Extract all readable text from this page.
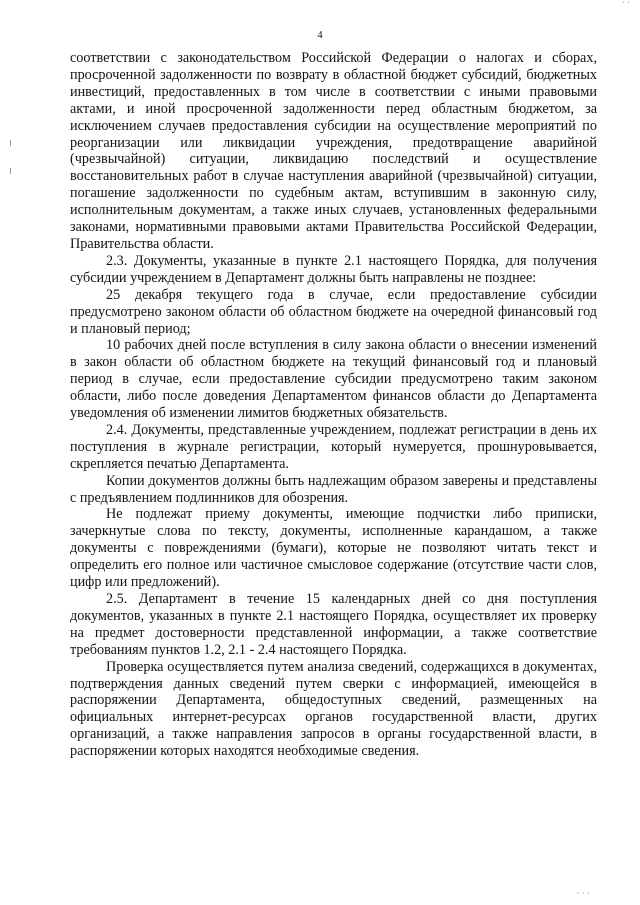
˙ ˙
4

соответствии с законодательством Российской Федерации о налогах и сборах, просроченной задолженности по возврату в областной бюджет субсидий, бюджетных инвестиций, предоставленных в том числе в соответствии с иными правовыми актами, и иной просроченной задолженности перед областным бюджетом, за исключением случаев предоставления субсидии на осуществление мероприятий по реорганизации или ликвидации учреждения, предотвращение аварийной (чрезвычайной) ситуации, ликвидацию последствий и осуществление восстановительных работ в случае наступления аварийной (чрезвычайной) ситуации, погашение задолженности по судебным актам, вступившим в законную силу, исполнительным документам, а также иных случаев, установленных федеральными законами, нормативными правовыми актами Правительства Российской Федерации, Правительства области.

2.3. Документы, указанные в пункте 2.1 настоящего Порядка, для получения субсидии учреждением в Департамент должны быть направлены не позднее:

25 декабря текущего года в случае, если предоставление субсидии предусмотрено законом области об областном бюджете на очередной финансовый год и плановый период;

10 рабочих дней после вступления в силу закона области о внесении изменений в закон области об областном бюджете на текущий финансовый год и плановый период в случае, если предоставление субсидии предусмотрено таким законом области, либо после доведения Департаментом финансов области до Департамента уведомления об изменении лимитов бюджетных обязательств.

2.4. Документы, представленные учреждением, подлежат регистрации в день их поступления в журнале регистрации, который нумеруется, прошнуровывается, скрепляется печатью Департамента.

Копии документов должны быть надлежащим образом заверены и представлены с предъявлением подлинников для обозрения.

Не подлежат приему документы, имеющие подчистки либо приписки, зачеркнутые слова по тексту, документы, исполненные карандашом, а также документы с повреждениями (бумаги), которые не позволяют читать текст и определить его полное или частичное смысловое содержание (отсутствие части слов, цифр или предложений).

2.5. Департамент в течение 15 календарных дней со дня поступления документов, указанных в пункте 2.1 настоящего Порядка, осуществляет их проверку на предмет достоверности представленной информации, а также соответствие требованиям пунктов 1.2, 2.1 - 2.4 настоящего Порядка.

Проверка осуществляется путем анализа сведений, содержащихся в документах, подтверждения данных сведений путем сверки с информацией, имеющейся в распоряжении Департамента, общедоступных сведений, размещенных на официальных интернет-ресурсах органов государственной власти, других организаций, а также направления запросов в органы государственной власти, в распоряжении которых находятся необходимые сведения.

˙ ˙ ˙
